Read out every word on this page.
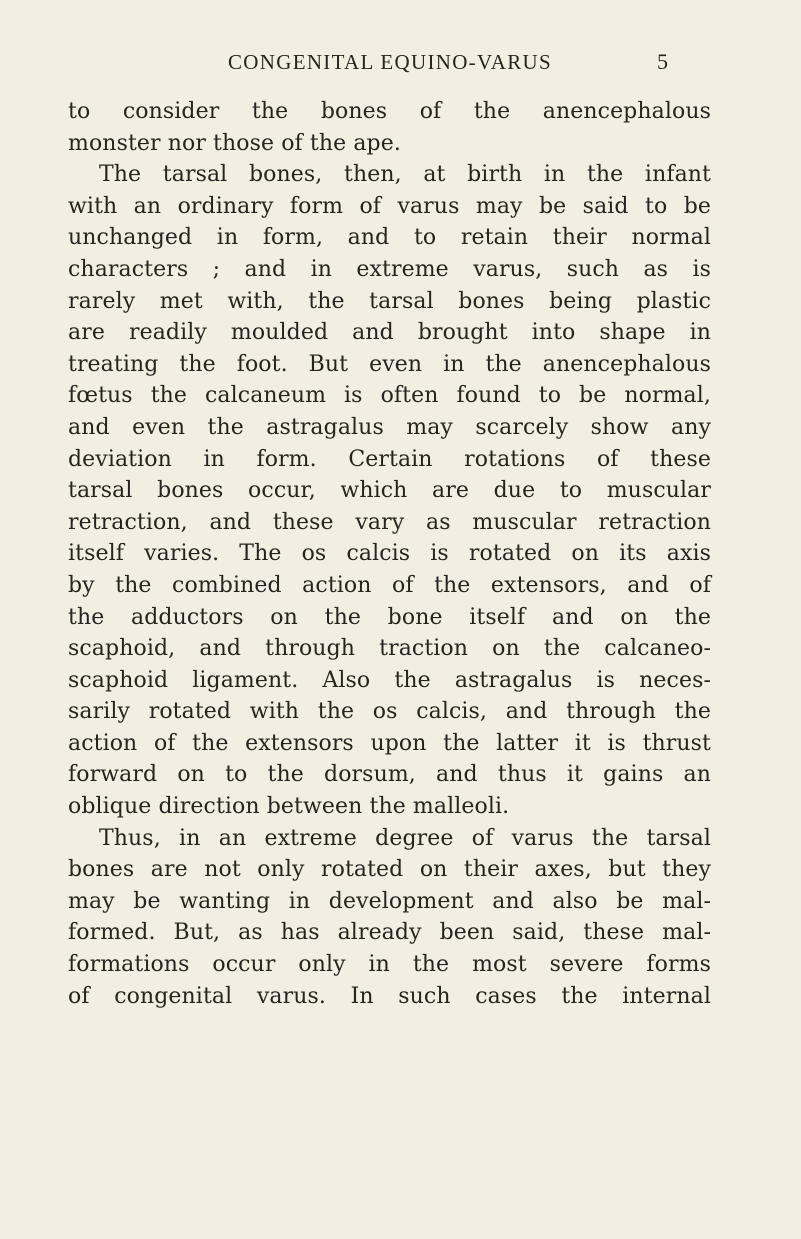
CONGENITAL EQUINO-VARUS	5
to consider the bones of the anencephalous
monster nor those of the ape.
The tarsal bones, then, at birth in the infant
with an ordinary form of varus may be said to be
unchanged in form, and to retain their normal
characters ; and in extreme varus, such as is
rarely met with, the tarsal bones being plastic
are readily moulded and brought into shape in
treating the foot. But even in the anencephalous
fœtus the calcaneum is often found to be normal,
and even the astragalus may scarcely show any
deviation in form. Certain rotations of these
tarsal bones occur, which are due to muscular
retraction, and these vary as muscular retraction
itself varies. The os calcis is rotated on its axis
by the combined action of the extensors, and of
the adductors on the bone itself and on the
scaphoid, and through traction on the calcaneo-
scaphoid ligament. Also the astragalus is neces-
sarily rotated with the os calcis, and through the
action of the extensors upon the latter it is thrust
forward on to the dorsum, and thus it gains an
oblique direction between the malleoli.
Thus, in an extreme degree of varus the tarsal
bones are not only rotated on their axes, but they
may be wanting in development and also be mal-
formed. But, as has already been said, these mal-
formations occur only in the most severe forms
of congenital varus. In such cases the internal
